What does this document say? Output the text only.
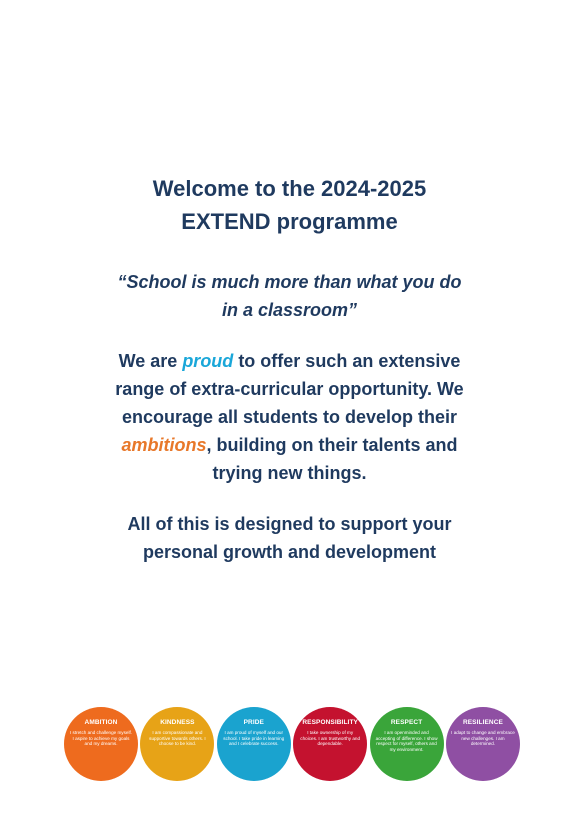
Welcome to the 2024-2025
EXTEND programme
“School is much more than what you do
in a classroom”
We are proud to offer such an extensive
range of extra-curricular opportunity. We
encourage all students to develop their
ambitions, building on their talents and
trying new things.
All of this is designed to support your
personal growth and development
AMBITION
I stretch and challenge myself. I aspire to achieve my goals and my dreams.
KINDNESS
I am compassionate and supportive towards others. I choose to be kind.
PRIDE
I am proud of myself and our school. I take pride in learning and I celebrate success.
RESPONSIBILITY
I take ownership of my choices. I am trustworthy and dependable.
RESPECT
I am openminded and accepting of difference. I show respect for myself, others and my environment.
RESILIENCE
I adapt to change and embrace new challenges. I am determined.
